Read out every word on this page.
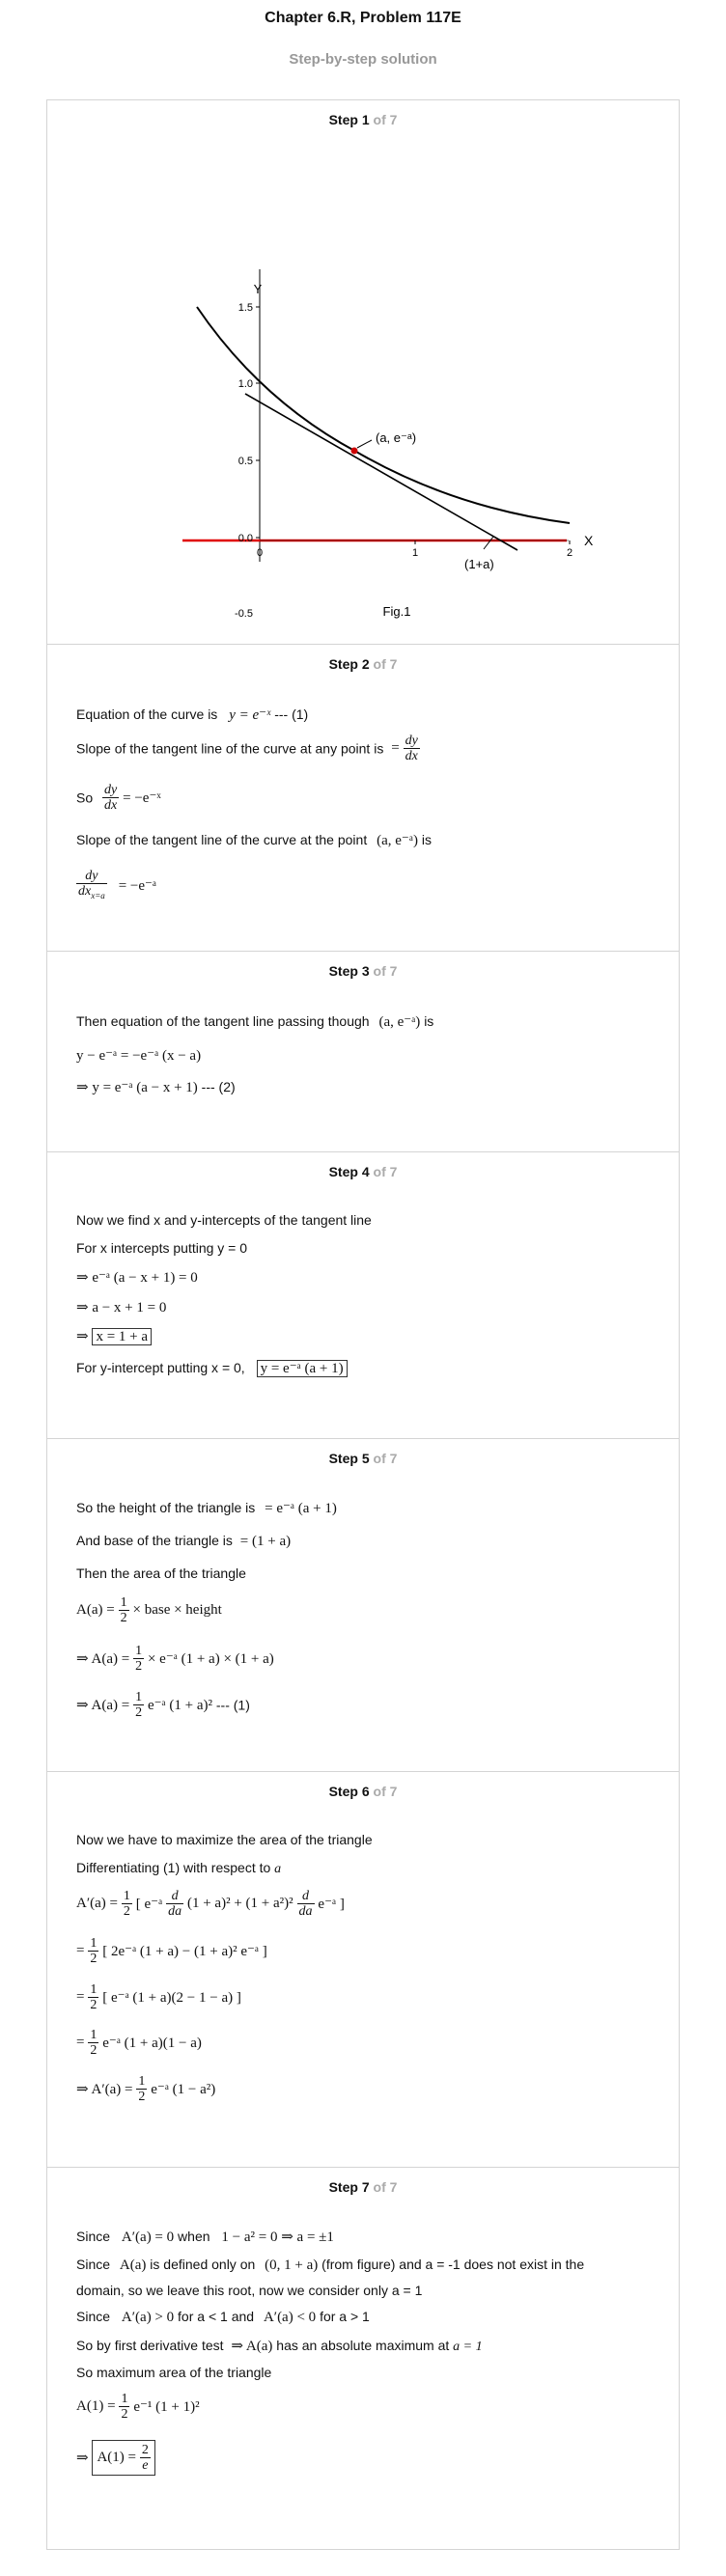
Chapter 6.R, Problem 117E
Step-by-step solution
Step 1 of 7
Y
X
1.5
1.0
0.5
0.0
-0.5
0	1	2
(a, e⁻ᵃ)
(1+a)
Fig.1
Step 2 of 7
Equation of the curve is y = e⁻ˣ --- (1)
Slope of the tangent line of the curve at any point is = $\frac{dy}{dx}$
So $\frac{dy}{dx}$ = −e⁻ˣ
Slope of the tangent line of the curve at the point (a, e⁻ᵃ) is
$\frac{dy}{dx_{x=a}}$ = −e⁻ᵃ
Step 3 of 7
Then equation of the tangent line passing though (a, e⁻ᵃ) is
y − e⁻ᵃ = −e⁻ᵃ (x − a)
⇒ y = e⁻ᵃ (a − x + 1) --- (2)
Step 4 of 7
Now we find x and y-intercepts of the tangent line
For x intercepts putting y = 0
⇒ e⁻ᵃ (a − x + 1) = 0
⇒ a − x + 1 = 0
⇒ x = 1 + a
For y-intercept putting x = 0, y = e⁻ᵃ (a + 1)
Step 5 of 7
So the height of the triangle is = e⁻ᵃ (a + 1)
And base of the triangle is = (1 + a)
Then the area of the triangle
$A(a) = \frac{1}{2}$ × base × height
⇒ $A(a) = \frac{1}{2}$ × e⁻ᵃ (1 + a) × (1 + a)
⇒ $A(a) = \frac{1}{2}$ e⁻ᵃ (1 + a)² --- (1)
Step 6 of 7
Now we have to maximize the area of the triangle
Differentiating (1) with respect to a
$A'(a) = \frac{1}{2}$ [ e⁻ᵃ $\frac{d}{da} (1 + a)^2 + (1 + a^2)^2 \frac{d}{da}$ e⁻ᵃ ]
= $\frac{1}{2}$ [ 2e⁻ᵃ (1 + a) − (1 + a)² e⁻ᵃ ]
= $\frac{1}{2}$ [ e⁻ᵃ (1 + a)(2 − 1 − a) ]
= $\frac{1}{2}$ e⁻ᵃ (1 + a)(1 − a)
⇒ $A'(a) = \frac{1}{2}$ e⁻ᵃ (1 − a²)
Step 7 of 7
Since A′(a) = 0 when 1 − a² = 0 ⇒ a = ±1
Since A(a) is defined only on (0, 1 + a) (from figure) and a = -1 does not exist in the
domain, so we leave this root, now we consider only a = 1
Since A′(a) > 0 for a < 1 and A′(a) < 0 for a > 1
So by first derivative test ⇒ A(a) has an absolute maximum at a = 1
So maximum area of the triangle
$A(1) = \frac{1}{2} e^{-1}$ (1 + 1)²
⇒ $A(1) = \frac{2}{e}$
